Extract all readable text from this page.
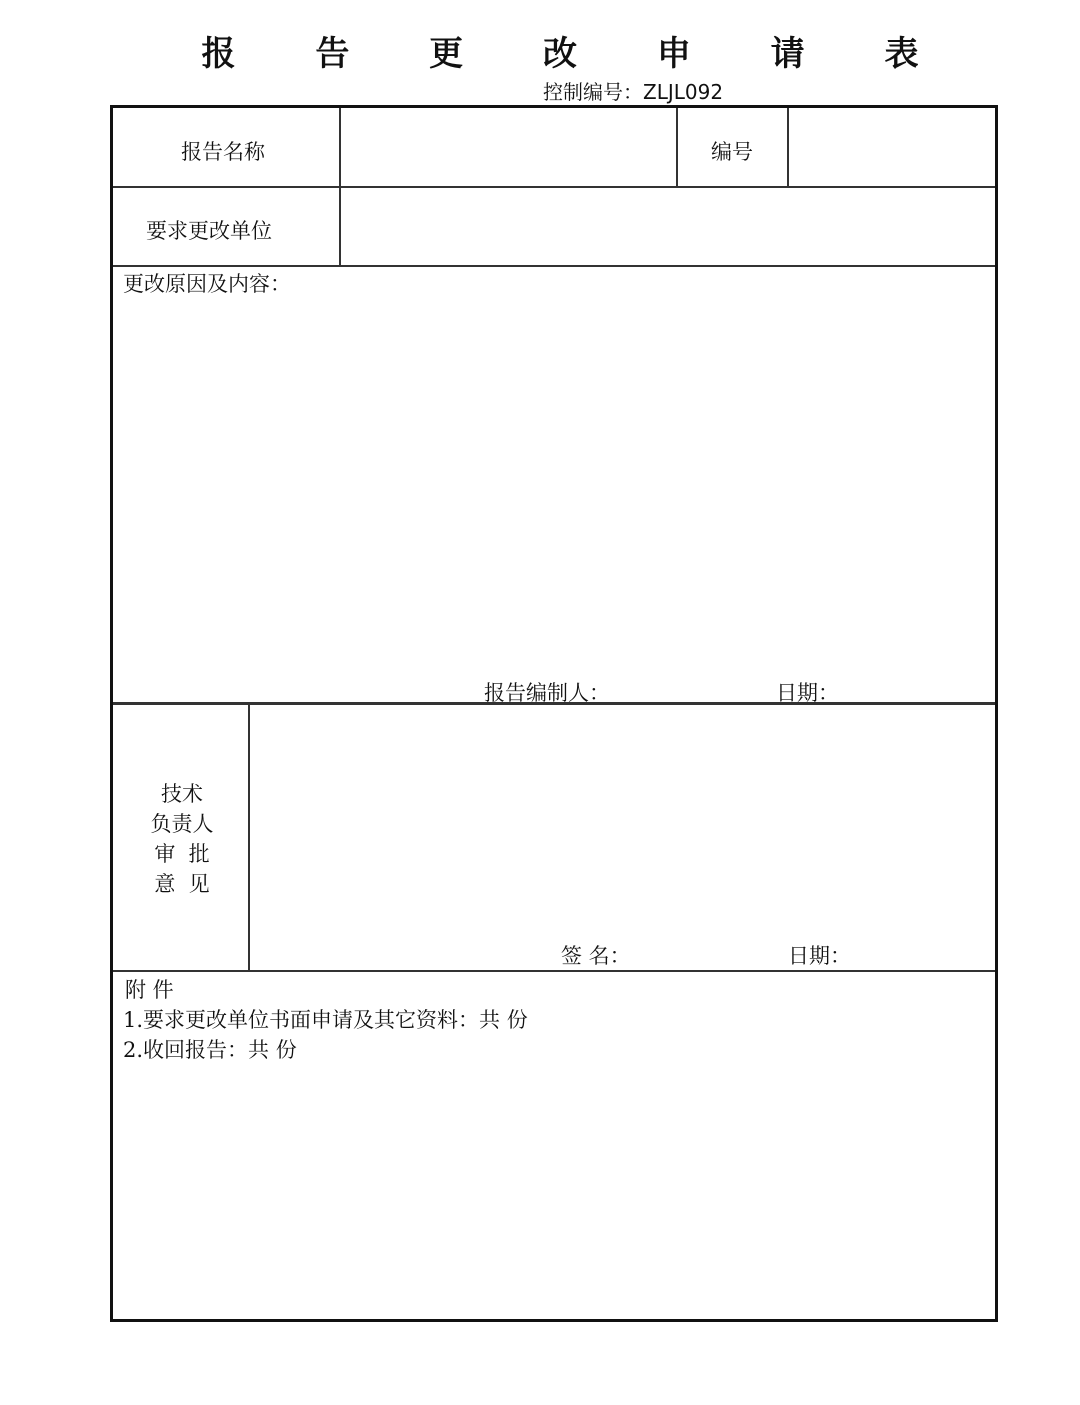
报 告 更 改 申 请 表
控制编号：ZLJL092
报告名称	编号
要求更改单位
更改原因及内容：
报告编制人：	日期：
技术
负责人
审  批
意  见
签 名：	日期：
附 件
1.要求更改单位书面申请及其它资料：共 份
2.收回报告：共 份
